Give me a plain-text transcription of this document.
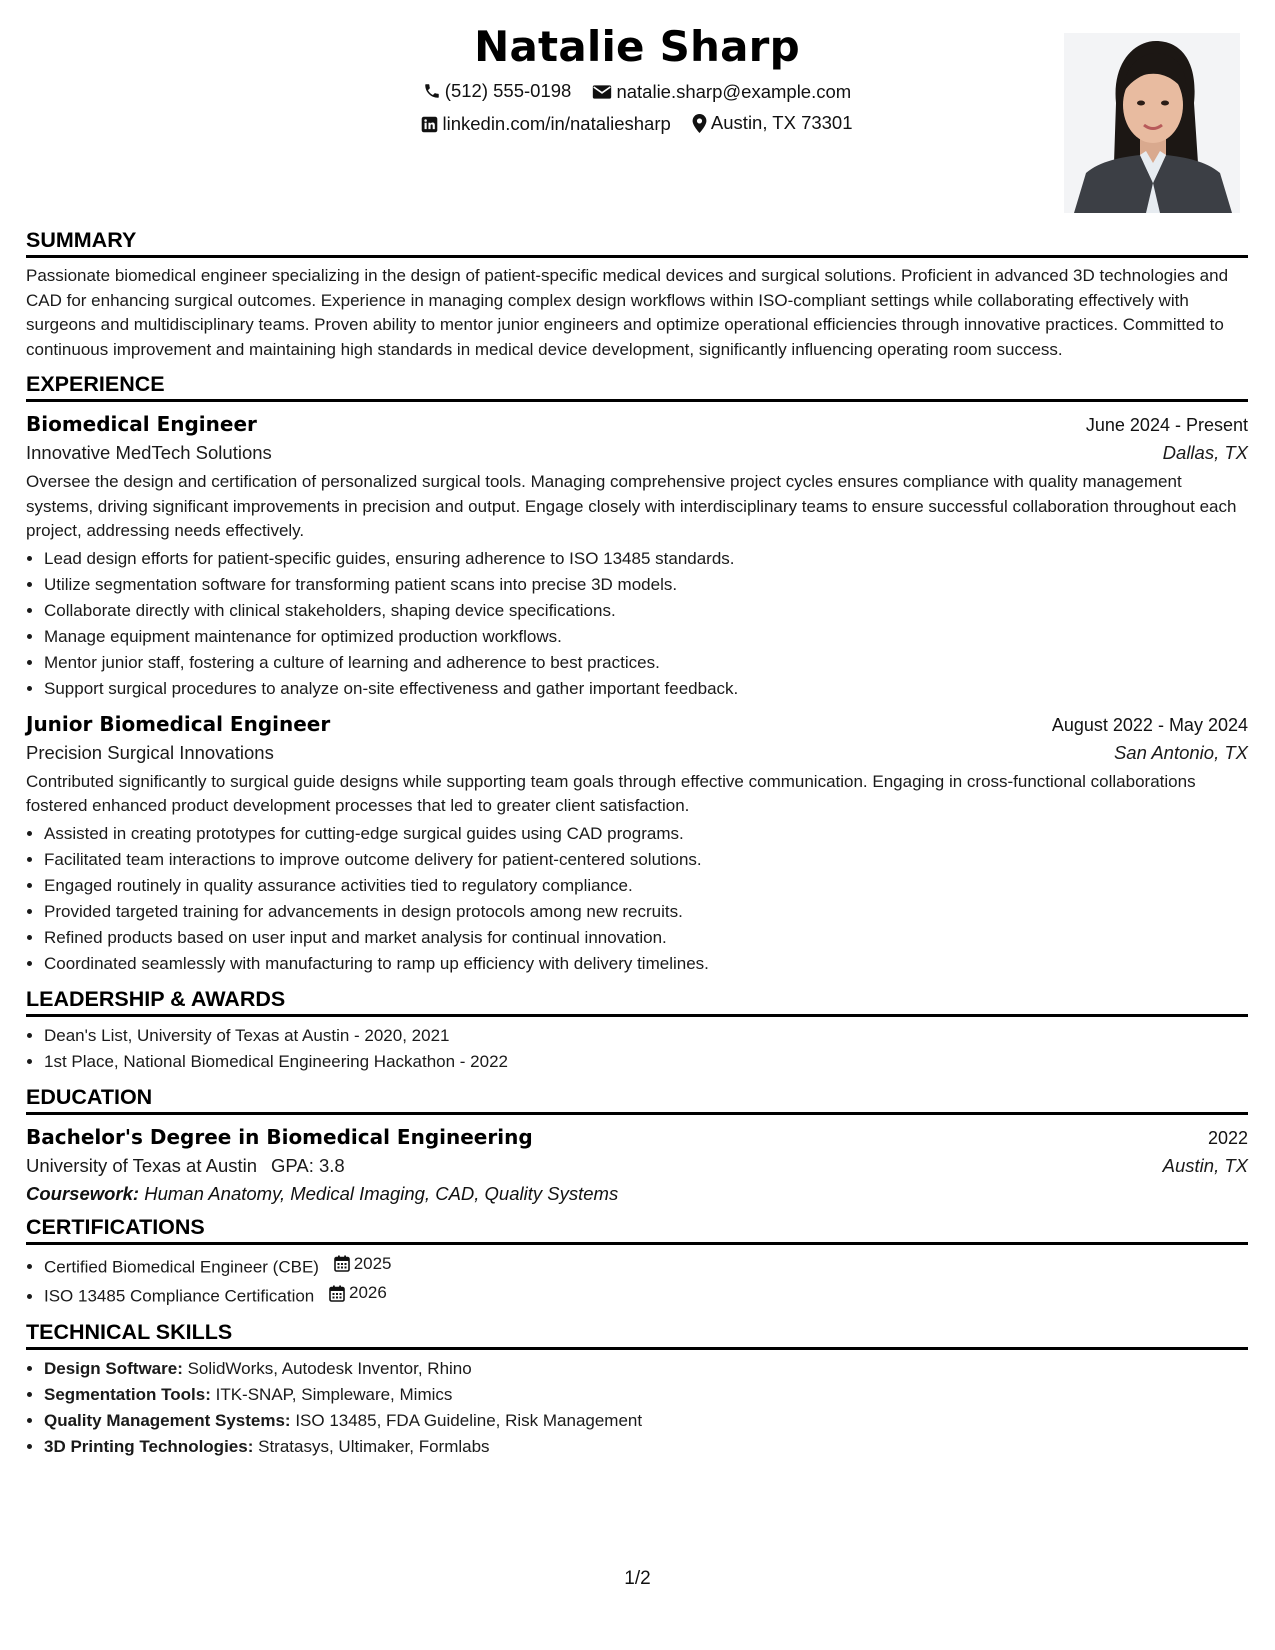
Natalie Sharp
(512) 555-0198
natalie.sharp@example.com
linkedin.com/in/nataliesharp
Austin, TX 73301
SUMMARY
Passionate biomedical engineer specializing in the design of patient-specific medical devices and surgical solutions. Proficient in advanced 3D technologies and CAD for enhancing surgical outcomes. Experience in managing complex design workflows within ISO-compliant settings while collaborating effectively with surgeons and multidisciplinary teams. Proven ability to mentor junior engineers and optimize operational efficiencies through innovative practices. Committed to continuous improvement and maintaining high standards in medical device development, significantly influencing operating room success.
EXPERIENCE
Biomedical Engineer	June 2024 - Present
Innovative MedTech Solutions	Dallas, TX
Oversee the design and certification of personalized surgical tools. Managing comprehensive project cycles ensures compliance with quality management systems, driving significant improvements in precision and output. Engage closely with interdisciplinary teams to ensure successful collaboration throughout each project, addressing needs effectively.
• Lead design efforts for patient-specific guides, ensuring adherence to ISO 13485 standards.
• Utilize segmentation software for transforming patient scans into precise 3D models.
• Collaborate directly with clinical stakeholders, shaping device specifications.
• Manage equipment maintenance for optimized production workflows.
• Mentor junior staff, fostering a culture of learning and adherence to best practices.
• Support surgical procedures to analyze on-site effectiveness and gather important feedback.
Junior Biomedical Engineer	August 2022 - May 2024
Precision Surgical Innovations	San Antonio, TX
Contributed significantly to surgical guide designs while supporting team goals through effective communication. Engaging in cross-functional collaborations fostered enhanced product development processes that led to greater client satisfaction.
• Assisted in creating prototypes for cutting-edge surgical guides using CAD programs.
• Facilitated team interactions to improve outcome delivery for patient-centered solutions.
• Engaged routinely in quality assurance activities tied to regulatory compliance.
• Provided targeted training for advancements in design protocols among new recruits.
• Refined products based on user input and market analysis for continual innovation.
• Coordinated seamlessly with manufacturing to ramp up efficiency with delivery timelines.
LEADERSHIP & AWARDS
• Dean's List, University of Texas at Austin - 2020, 2021
• 1st Place, National Biomedical Engineering Hackathon - 2022
EDUCATION
Bachelor's Degree in Biomedical Engineering	2022
University of Texas at Austin GPA: 3.8	Austin, TX
Coursework: Human Anatomy, Medical Imaging, CAD, Quality Systems
CERTIFICATIONS
• Certified Biomedical Engineer (CBE) 2025
• ISO 13485 Compliance Certification 2026
TECHNICAL SKILLS
• Design Software: SolidWorks, Autodesk Inventor, Rhino
• Segmentation Tools: ITK-SNAP, Simpleware, Mimics
• Quality Management Systems: ISO 13485, FDA Guideline, Risk Management
• 3D Printing Technologies: Stratasys, Ultimaker, Formlabs
1/2
